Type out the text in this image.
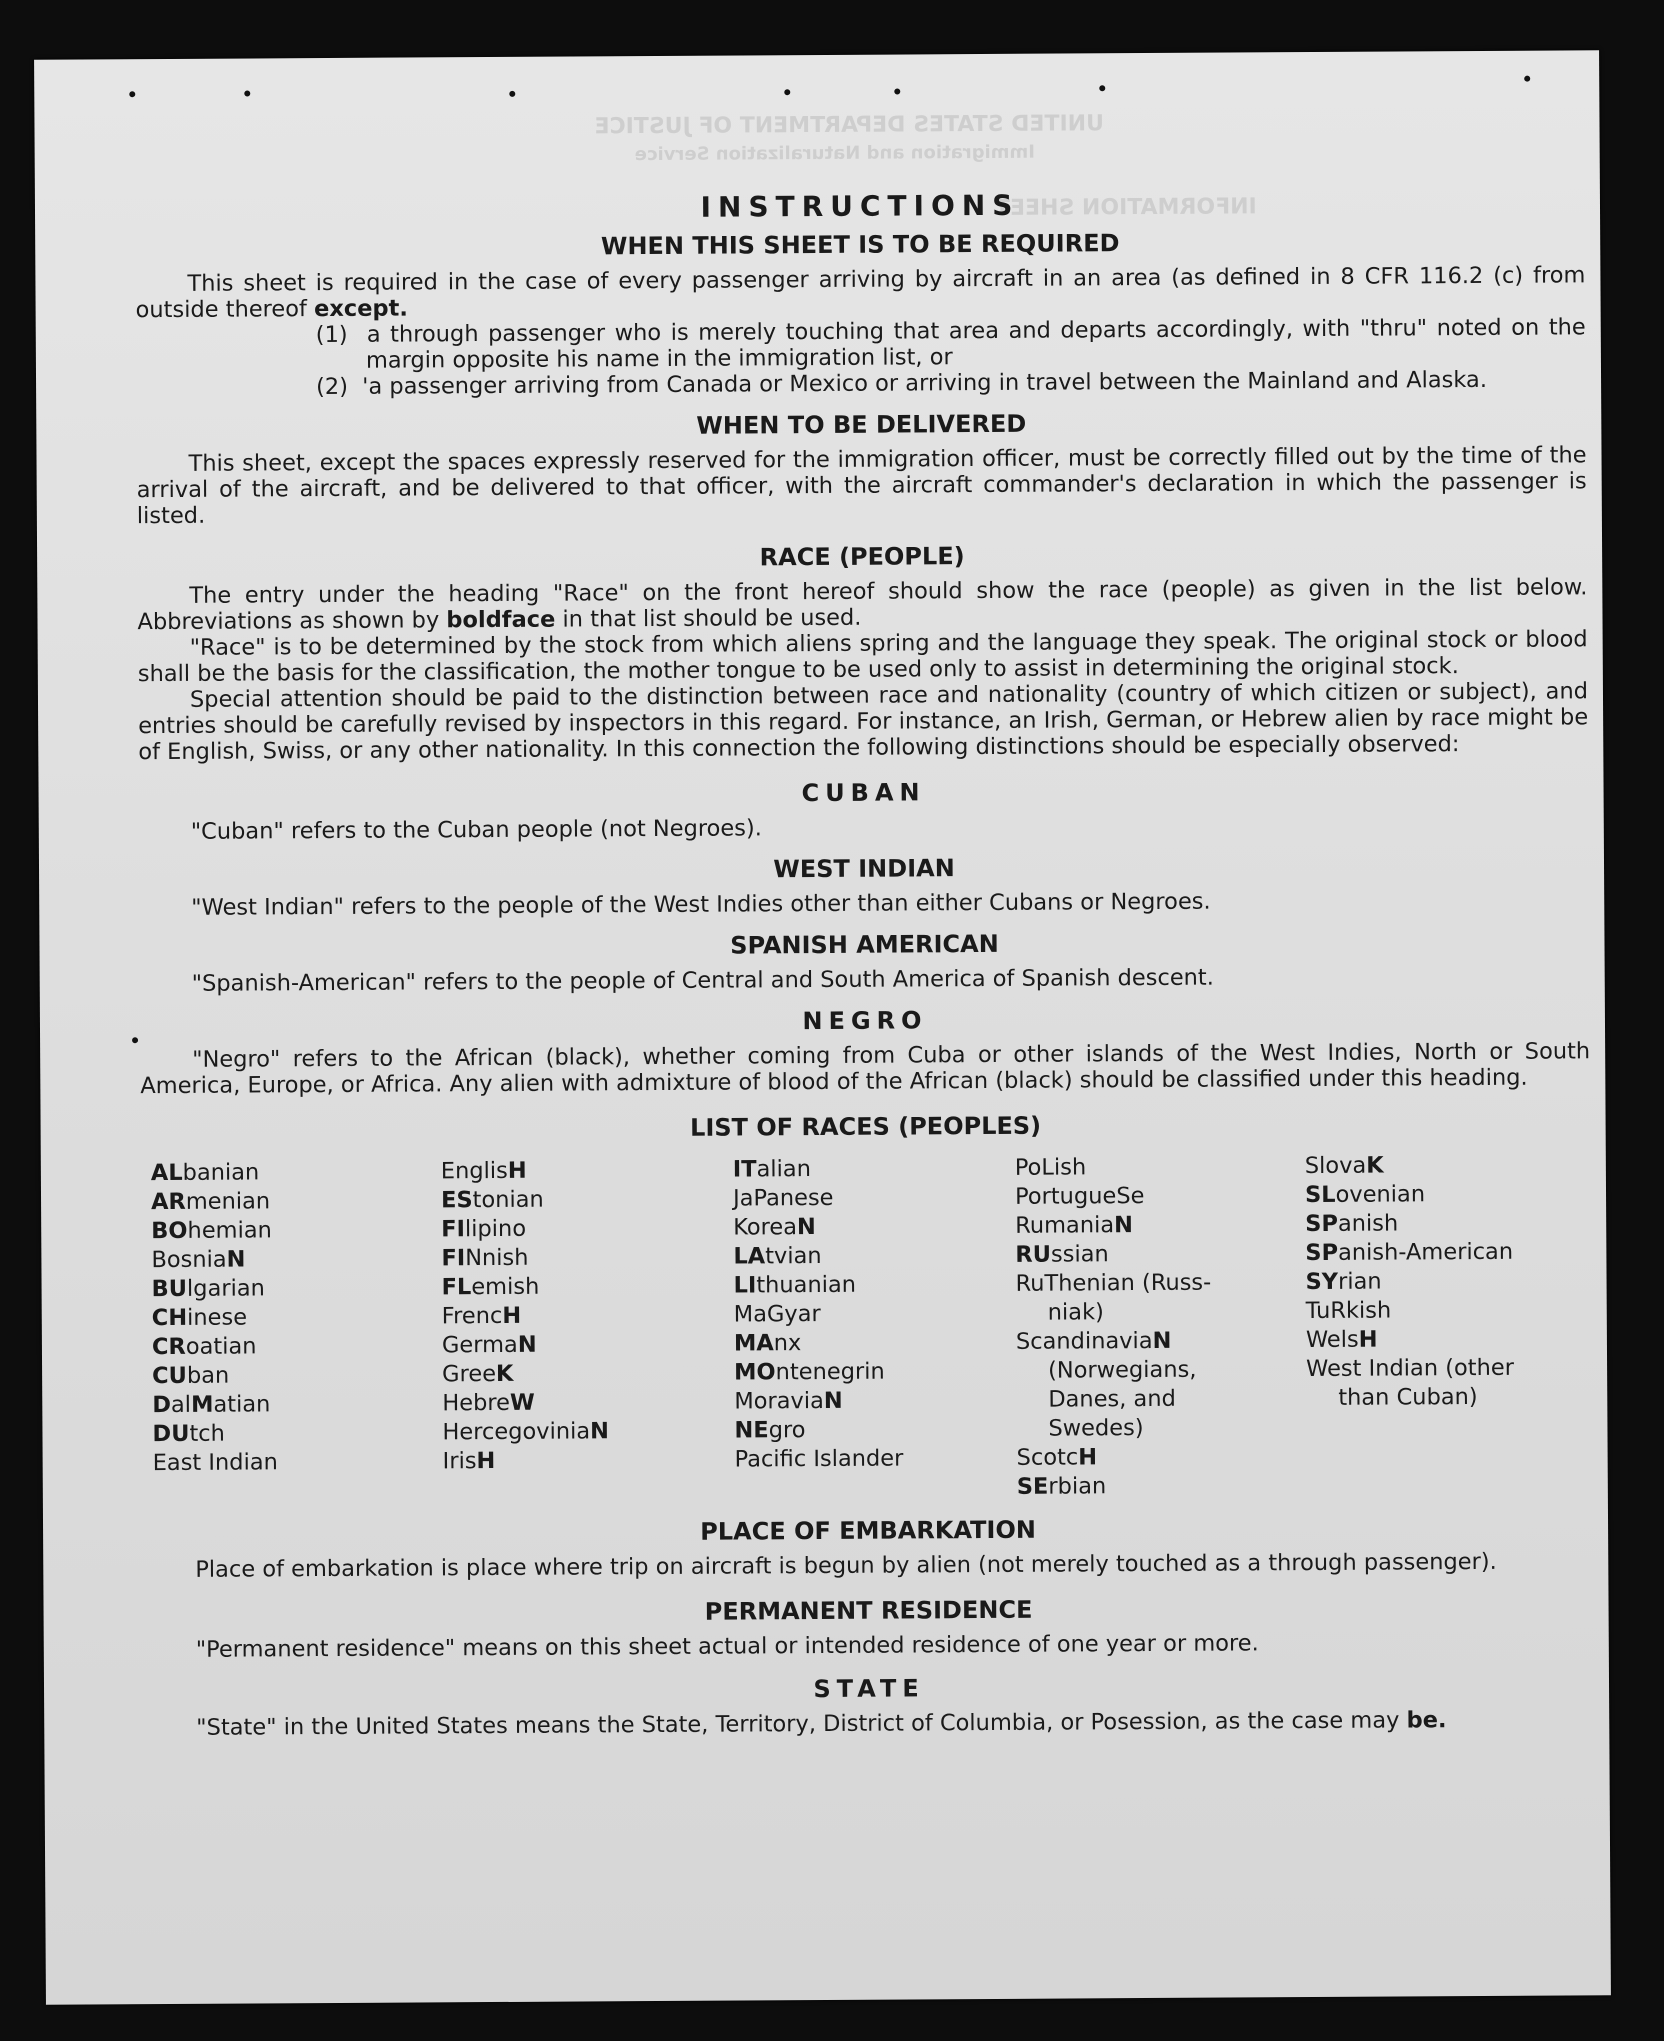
UNITED STATES DEPARTMENT OF JUSTICE
Immigration and Naturalization Service
INFORMATION SHEET
INSTRUCTIONS
WHEN THIS SHEET IS TO BE REQUIRED

This sheet is required in the case of every passenger arriving by aircraft in an area (as defined in 8 CFR 116.2 (c) from outside thereof except.

(1) a through passenger who is merely touching that area and departs accordingly, with "thru" noted on the margin opposite his name in the immigration list, or
(2) 'a passenger arriving from Canada or Mexico or arriving in travel between the Mainland and Alaska.
WHEN TO BE DELIVERED

This sheet, except the spaces expressly reserved for the immigration officer, must be correctly filled out by the time of the arrival of the aircraft, and be delivered to that officer, with the aircraft commander's declaration in which the passenger is listed.

RACE (PEOPLE)

The entry under the heading "Race" on the front hereof should show the race (people) as given in the list below. Abbreviations as shown by boldface in that list should be used.

"Race" is to be determined by the stock from which aliens spring and the language they speak. The original stock or blood shall be the basis for the classification, the mother tongue to be used only to assist in determining the original stock.

Special attention should be paid to the distinction between race and nationality (country of which citizen or subject), and entries should be carefully revised by inspectors in this regard. For instance, an Irish, German, or Hebrew alien by race might be of English, Swiss, or any other nationality. In this connection the following distinctions should be especially observed:

CUBAN

"Cuban" refers to the Cuban people (not Negroes).

WEST INDIAN

"West Indian" refers to the people of the West Indies other than either Cubans or Negroes.

SPANISH AMERICAN

"Spanish-American" refers to the people of Central and South America of Spanish descent.

NEGRO

"Negro" refers to the African (black), whether coming from Cuba or other islands of the West Indies, North or South America, Europe, or Africa. Any alien with admixture of blood of the African (black) should be classified under this heading.

LIST OF RACES (PEOPLES)
ALbanian
ARmenian
BOhemian
BosniaN
BUlgarian
CHinese
CRoatian
CUban
DalMatian
DUtch
East Indian
EnglisH
EStonian
FIlipino
FINnish
FLemish
FrencH
GermaN
GreeK
HebreW
HercegoviniaN
IrisH
ITalian
JaPanese
KoreaN
LAtvian
LIthuanian
MaGyar
MAnx
MOntenegrin
MoraviaN
NEgro
Pacific Islander
PoLish
PortugueSe
RumaniaN
RUssian
RuThenian (Russ-
niak)
ScandinaviaN
(Norwegians,
Danes, and
Swedes)
ScotcH
SErbian
SlovaK
SLovenian
SPanish
SPanish-American
SYrian
TuRkish
WelsH
West Indian (other
than Cuban)
PLACE OF EMBARKATION

Place of embarkation is place where trip on aircraft is begun by alien (not merely touched as a through passenger).

PERMANENT RESIDENCE

"Permanent residence" means on this sheet actual or intended residence of one year or more.

STATE

"State" in the United States means the State, Territory, District of Columbia, or Posession, as the case may be.
